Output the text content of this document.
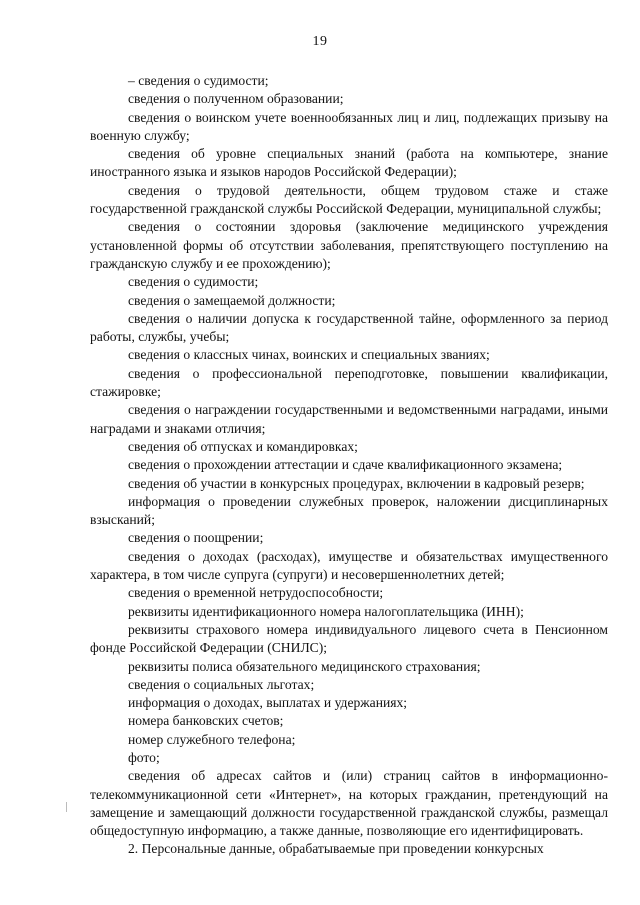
19

– сведения о судимости;

сведения о полученном образовании;

сведения о воинском учете военнообязанных лиц и лиц, подлежащих призыву на военную службу;

сведения об уровне специальных знаний (работа на компьютере, знание иностранного языка и языков народов Российской Федерации);

сведения о трудовой деятельности, общем трудовом стаже и стаже государственной гражданской службы Российской Федерации, муниципальной службы;

сведения о состоянии здоровья (заключение медицинского учреждения установленной формы об отсутствии заболевания, препятствующего поступлению на гражданскую службу и ее прохождению);

сведения о судимости;

сведения о замещаемой должности;

сведения о наличии допуска к государственной тайне, оформленного за период работы, службы, учебы;

сведения о классных чинах, воинских и специальных званиях;

сведения о профессиональной переподготовке, повышении квалификации, стажировке;

сведения о награждении государственными и ведомственными наградами, иными наградами и знаками отличия;

сведения об отпусках и командировках;

сведения о прохождении аттестации и сдаче квалификационного экзамена;

сведения об участии в конкурсных процедурах, включении в кадровый резерв;

информация о проведении служебных проверок, наложении дисциплинарных взысканий;

сведения о поощрении;

сведения о доходах (расходах), имуществе и обязательствах имущественного характера, в том числе супруга (супруги) и несовершеннолетних детей;

сведения о временной нетрудоспособности;

реквизиты идентификационного номера налогоплательщика (ИНН);

реквизиты страхового номера индивидуального лицевого счета в Пенсионном фонде Российской Федерации (СНИЛС);

реквизиты полиса обязательного медицинского страхования;

сведения о социальных льготах;

информация о доходах, выплатах и удержаниях;

номера банковских счетов;

номер служебного телефона;

фото;

сведения об адресах сайтов и (или) страниц сайтов в информационно-телекоммуникационной сети «Интернет», на которых гражданин, претендующий на замещение и замещающий должности государственной гражданской службы, размещал общедоступную информацию, а также данные, позволяющие его идентифицировать.

2. Персональные данные, обрабатываемые при проведении конкурсных
